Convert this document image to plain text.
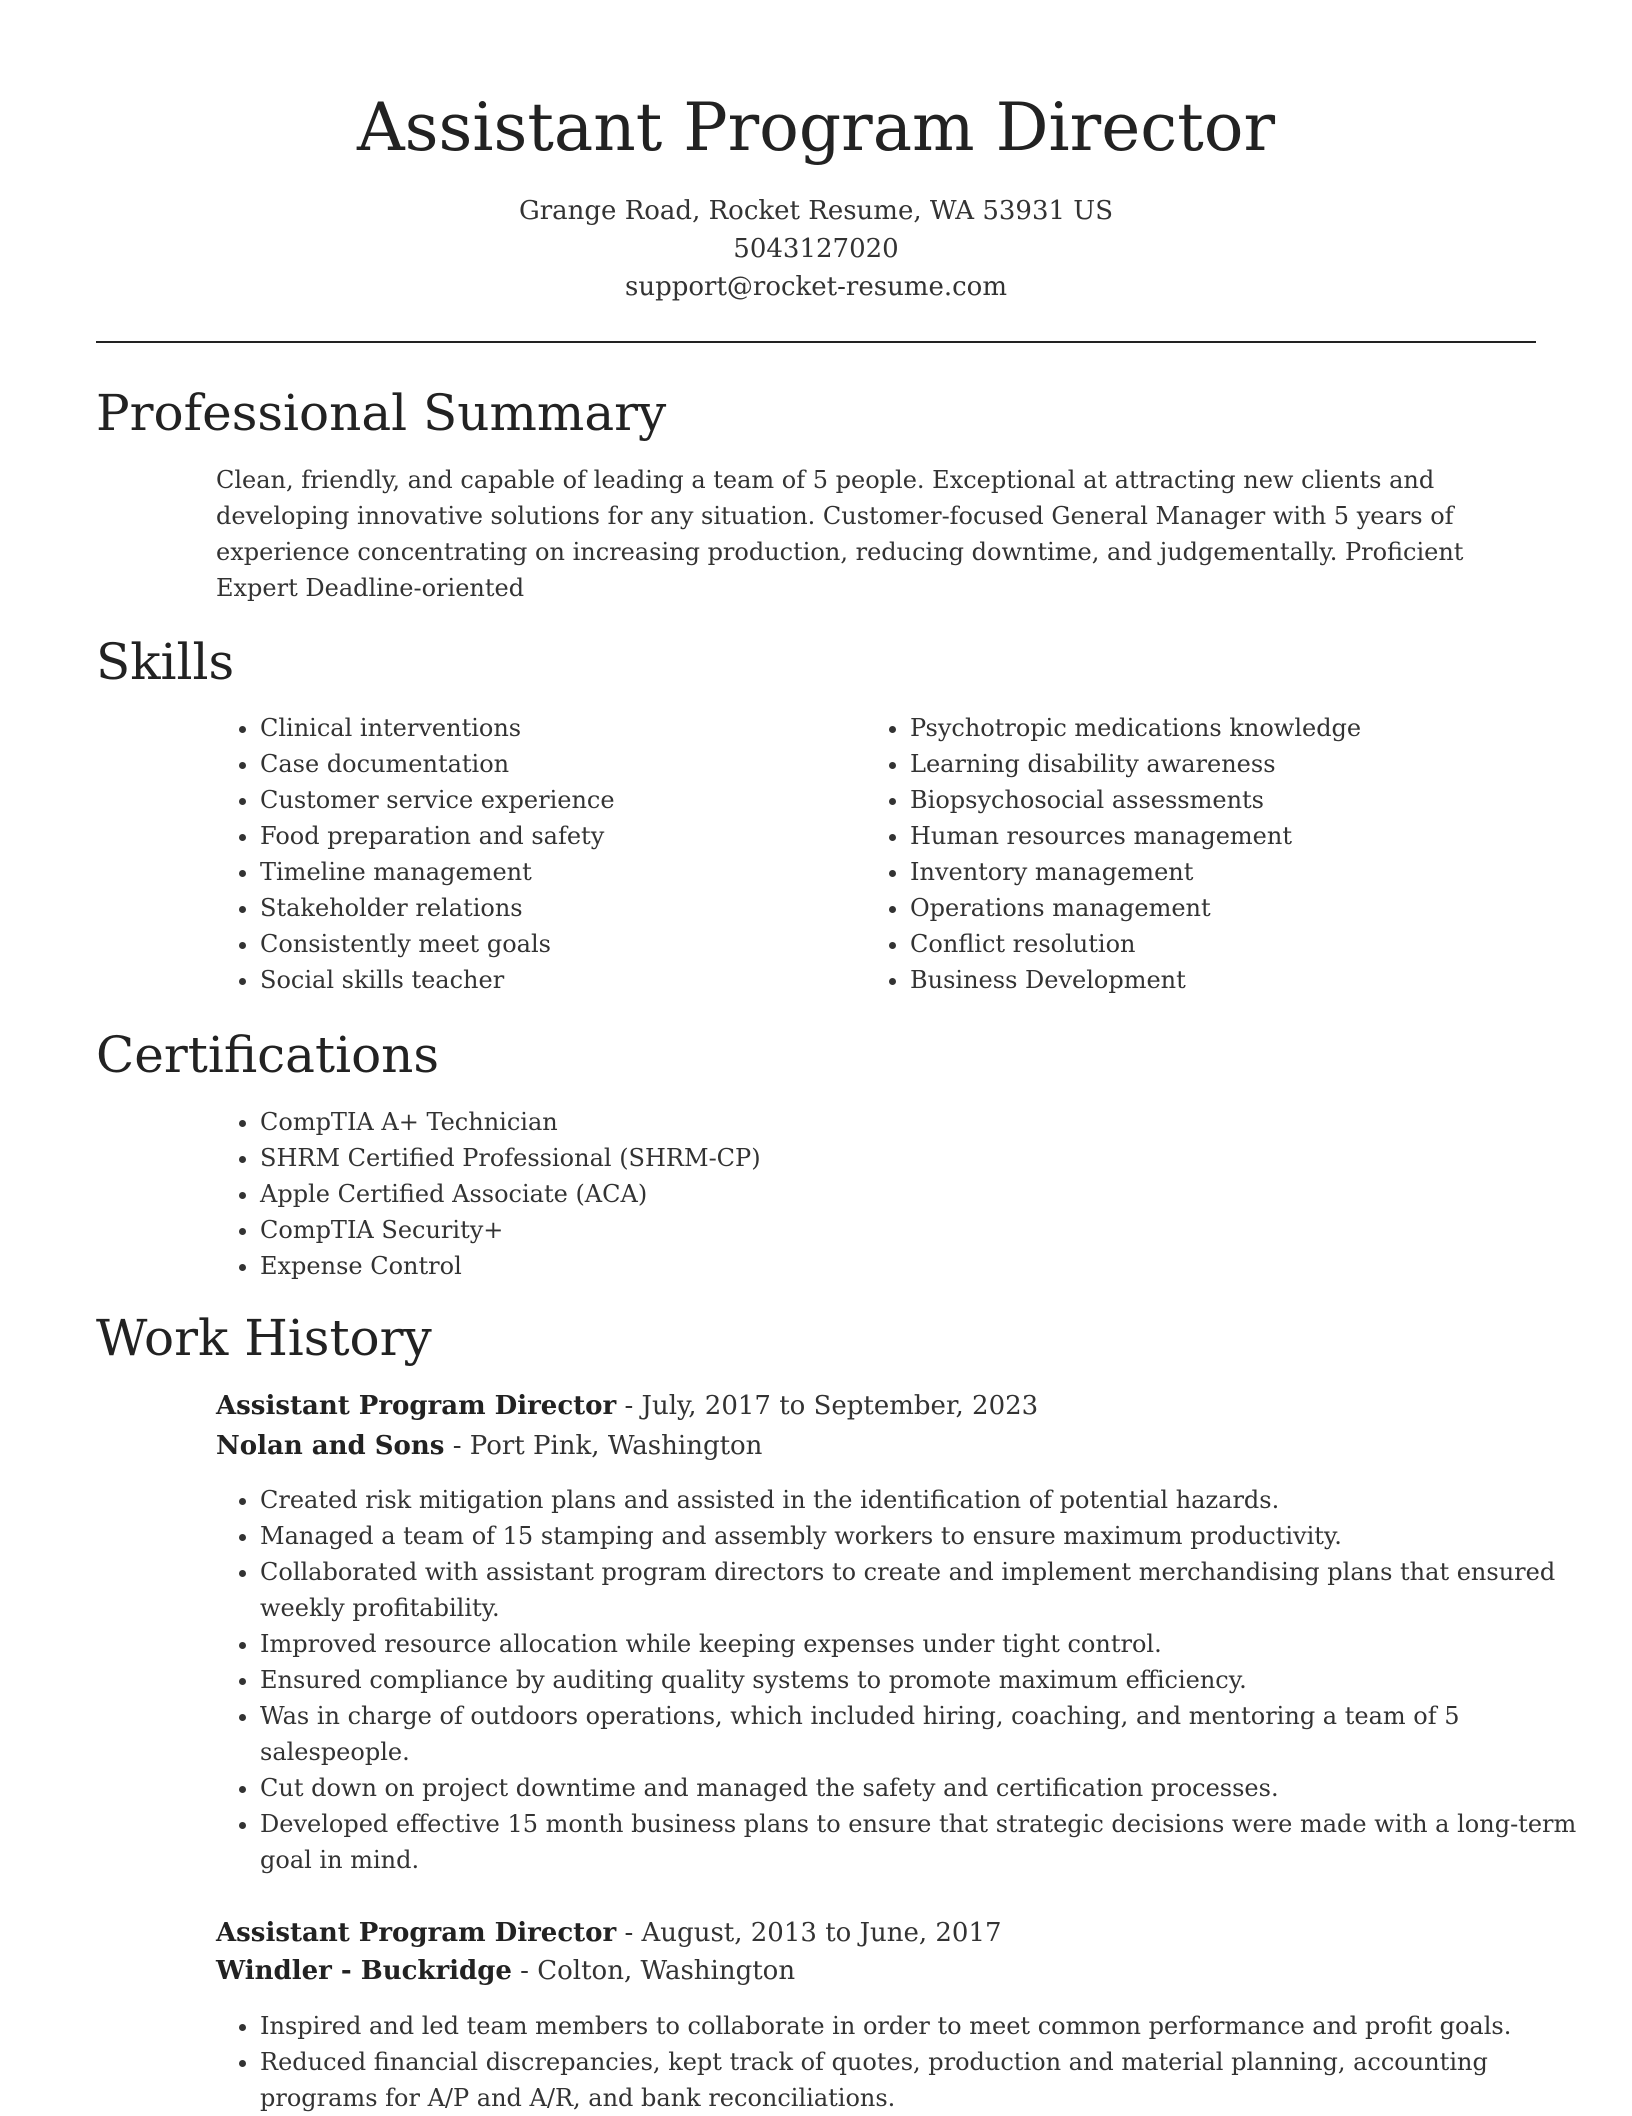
Assistant Program Director
Grange Road, Rocket Resume, WA 53931 US
5043127020
support@rocket-resume.com
Professional Summary
Clean, friendly, and capable of leading a team of 5 people. Exceptional at attracting new clients and developing innovative solutions for any situation. Customer-focused General Manager with 5 years of experience concentrating on increasing production, reducing downtime, and judgementally. Proficient Expert Deadline-oriented
Skills
• Clinical interventions
• Case documentation
• Customer service experience
• Food preparation and safety
• Timeline management
• Stakeholder relations
• Consistently meet goals
• Social skills teacher
• Psychotropic medications knowledge
• Learning disability awareness
• Biopsychosocial assessments
• Human resources management
• Inventory management
• Operations management
• Conflict resolution
• Business Development
Certifications
• CompTIA A+ Technician
• SHRM Certified Professional (SHRM-CP)
• Apple Certified Associate (ACA)
• CompTIA Security+
• Expense Control
Work History
Assistant Program Director - July, 2017 to September, 2023
Nolan and Sons - Port Pink, Washington
• Created risk mitigation plans and assisted in the identification of potential hazards.
• Managed a team of 15 stamping and assembly workers to ensure maximum productivity.
• Collaborated with assistant program directors to create and implement merchandising plans that ensured weekly profitability.
• Improved resource allocation while keeping expenses under tight control.
• Ensured compliance by auditing quality systems to promote maximum efficiency.
• Was in charge of outdoors operations, which included hiring, coaching, and mentoring a team of 5 salespeople.
• Cut down on project downtime and managed the safety and certification processes.
• Developed effective 15 month business plans to ensure that strategic decisions were made with a long-term goal in mind.
Assistant Program Director - August, 2013 to June, 2017
Windler - Buckridge - Colton, Washington
• Inspired and led team members to collaborate in order to meet common performance and profit goals.
• Reduced financial discrepancies, kept track of quotes, production and material planning, accounting programs for A/P and A/R, and bank reconciliations.
